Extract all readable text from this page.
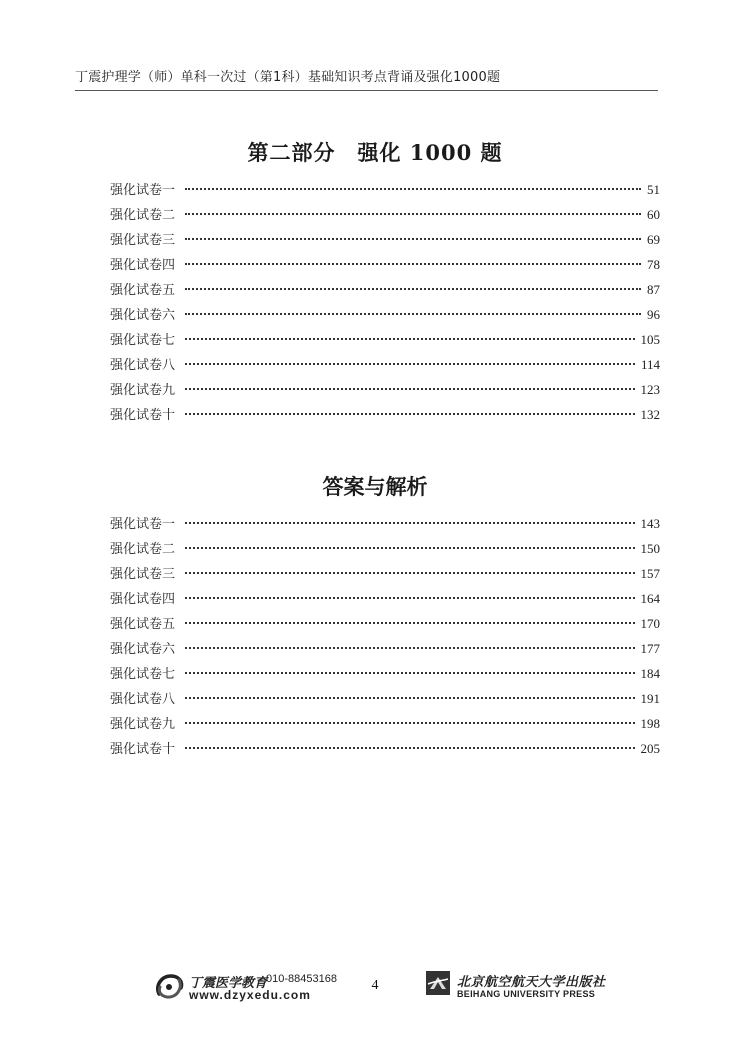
丁震护理学（师）单科一次过（第1科）基础知识考点背诵及强化1000题
第二部分 强化 1000 题
强化试卷一	51
强化试卷二	60
强化试卷三	69
强化试卷四	78
强化试卷五	87
强化试卷六	96
强化试卷七	105
强化试卷八	114
强化试卷九	123
强化试卷十	132
答案与解析
强化试卷一	143
强化试卷二	150
强化试卷三	157
强化试卷四	164
强化试卷五	170
强化试卷六	177
强化试卷七	184
强化试卷八	191
强化试卷九	198
强化试卷十	205
丁震医学教育
010-88453168
www.dzyxedu.com
4	北京航空航天大学出版社
BEIHANG UNIVERSITY PRESS
